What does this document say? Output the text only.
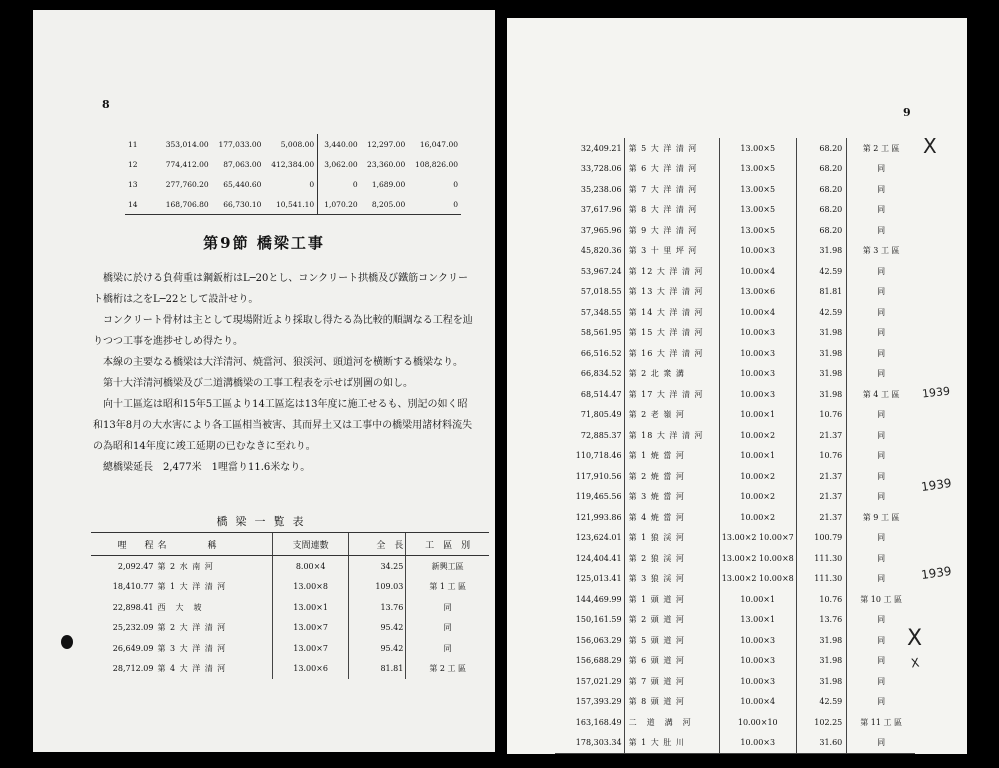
8
11	353,014.00	177,033.00	5,008.00	3,440.00	12,297.00	16,047.00
12	774,412.00	87,063.00	412,384.00	3,062.00	23,360.00	108,826.00
13	277,760.20	65,440.60	0	0	1,689.00	0
14	168,706.80	66,730.10	10,541.10	1,070.20	8,205.00	0
第9節 橋梁工事

橋梁に於ける負荷重は鋼鈑桁はL─20とし、コンクリート拱橋及び鐵筋コンクリート橋桁は之をL─22として設計せり。

コンクリート骨材は主として現場附近より採取し得たる為比較的順調なる工程を辿りつつ工事を進捗せしめ得たり。

本線の主要なる橋梁は大洋清河、焼當河、狼渓河、頭道河を横断する橋梁なり。

第十大洋清河橋梁及び二道溝橋梁の工事工程表を示せば別圖の如し。

向十工區迄は昭和15年5工區より14工區迄は13年度に施工せるも、別記の如く昭和13年8月の大水害により各工區相当被害、其而昇土又は工事中の橋梁用諸材料流失の為昭和14年度に竣工延期の已むなきに至れり。

總橋梁延長　2,477米　1哩當り11.6米なり。

橋梁一覧表
哩　　程	名　　　　稱	支間連數	全　長	工　區　別
2,092.47	第 2 水 南 河	8.00×4	34.25	新興工區
18,410.77	第 1 大 洋 清 河	13.00×8	109.03	第 1 工 區
22,898.41	西　大　坡	13.00×1	13.76	同
25,232.09	第 2 大 洋 清 河	13.00×7	95.42	同
26,649.09	第 3 大 洋 清 河	13.00×7	95.42	同
28,712.09	第 4 大 洋 清 河	13.00×6	81.81	第 2 工 區
9
32,409.21	第 5 大 洋 清 河	13.00×5	68.20	第 2 工 區
33,728.06	第 6 大 洋 清 河	13.00×5	68.20	同
35,238.06	第 7 大 洋 清 河	13.00×5	68.20	同
37,617.96	第 8 大 洋 清 河	13.00×5	68.20	同
37,965.96	第 9 大 洋 清 河	13.00×5	68.20	同
45,820.36	第 3 十 里 坪 河	10.00×3	31.98	第 3 工 區
53,967.24	第 12 大 洋 清 河	10.00×4	42.59	同
57,018.55	第 13 大 洋 清 河	13.00×6	81.81	同
57,348.55	第 14 大 洋 清 河	10.00×4	42.59	同
58,561.95	第 15 大 洋 清 河	10.00×3	31.98	同
66,516.52	第 16 大 洋 清 河	10.00×3	31.98	同
66,834.52	第 2 北 衆 溝	10.00×3	31.98	同
68,514.47	第 17 大 洋 清 河	10.00×3	31.98	第 4 工 區
71,805.49	第 2 老 嶺 河	10.00×1	10.76	同
72,885.37	第 18 大 洋 清 河	10.00×2	21.37	同
110,718.46	第 1 焼 當 河	10.00×1	10.76	同
117,910.56	第 2 焼 當 河	10.00×2	21.37	同
119,465.56	第 3 焼 當 河	10.00×2	21.37	同
121,993.86	第 4 焼 當 河	10.00×2	21.37	第 9 工 區
123,624.01	第 1 狼 渓 河	13.00×2 10.00×7	100.79	同
124,404.41	第 2 狼 渓 河	13.00×2 10.00×8	111.30	同
125,013.41	第 3 狼 渓 河	13.00×2 10.00×8	111.30	同
144,469.99	第 1 頭 道 河	10.00×1	10.76	第 10 工 區
150,161.59	第 2 頭 道 河	13.00×1	13.76	同
156,063.29	第 5 頭 道 河	10.00×3	31.98	同
156,688.29	第 6 頭 道 河	10.00×3	31.98	同
157,021.29	第 7 頭 道 河	10.00×3	31.98	同
157,393.29	第 8 頭 道 河	10.00×4	42.59	同
163,168.49	二　道　溝　河	10.00×10	102.25	第 11 工 區
178,303.34	第 1 大 肚 川	10.00×3	31.60	同
X
1939
1939
1939
X
X
